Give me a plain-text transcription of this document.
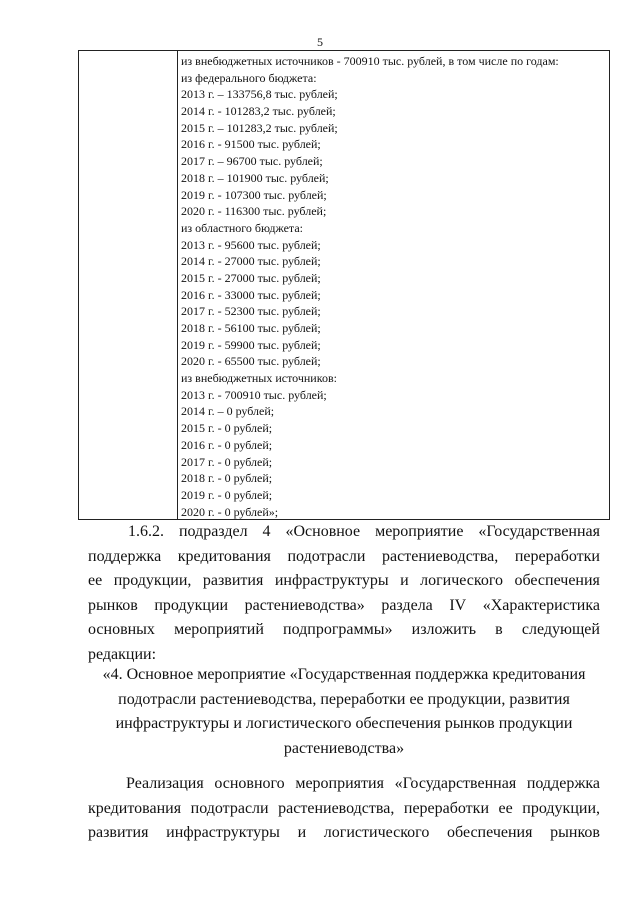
5
из внебюджетных источников - 700910 тыс. рублей, в том числе по годам:
из федерального бюджета:
2013 г. – 133756,8 тыс. рублей;
2014 г. - 101283,2 тыс. рублей;
2015 г. – 101283,2 тыс. рублей;
2016 г. - 91500 тыс. рублей;
2017 г. – 96700 тыс. рублей;
2018 г. – 101900 тыс. рублей;
2019 г. - 107300 тыс. рублей;
2020 г. - 116300 тыс. рублей;
из областного бюджета:
2013 г. - 95600 тыс. рублей;
2014 г. - 27000 тыс. рублей;
2015 г. - 27000 тыс. рублей;
2016 г. - 33000 тыс. рублей;
2017 г. - 52300 тыс. рублей;
2018 г. - 56100 тыс. рублей;
2019 г. - 59900 тыс. рублей;
2020 г. - 65500 тыс. рублей;
из внебюджетных источников:
2013 г. - 700910 тыс. рублей;
2014 г. – 0 рублей;
2015 г. - 0 рублей;
2016 г. - 0 рублей;
2017 г. - 0 рублей;
2018 г. - 0 рублей;
2019 г. - 0 рублей;
2020 г. - 0 рублей»;
1.6.2. подраздел 4 «Основное мероприятие «Государственная
поддержка кредитования подотрасли растениеводства, переработки
ее продукции, развития инфраструктуры и логического обеспечения
рынков продукции растениеводства» раздела IV «Характеристика
основных мероприятий подпрограммы» изложить в следующей
редакции:
«4. Основное мероприятие «Государственная поддержка кредитования
подотрасли растениеводства, переработки ее продукции, развития
инфраструктуры и логистического обеспечения рынков продукции
растениеводства»
Реализация основного мероприятия «Государственная поддержка
кредитования подотрасли растениеводства, переработки ее продукции,
развития инфраструктуры и логистического обеспечения рынков
